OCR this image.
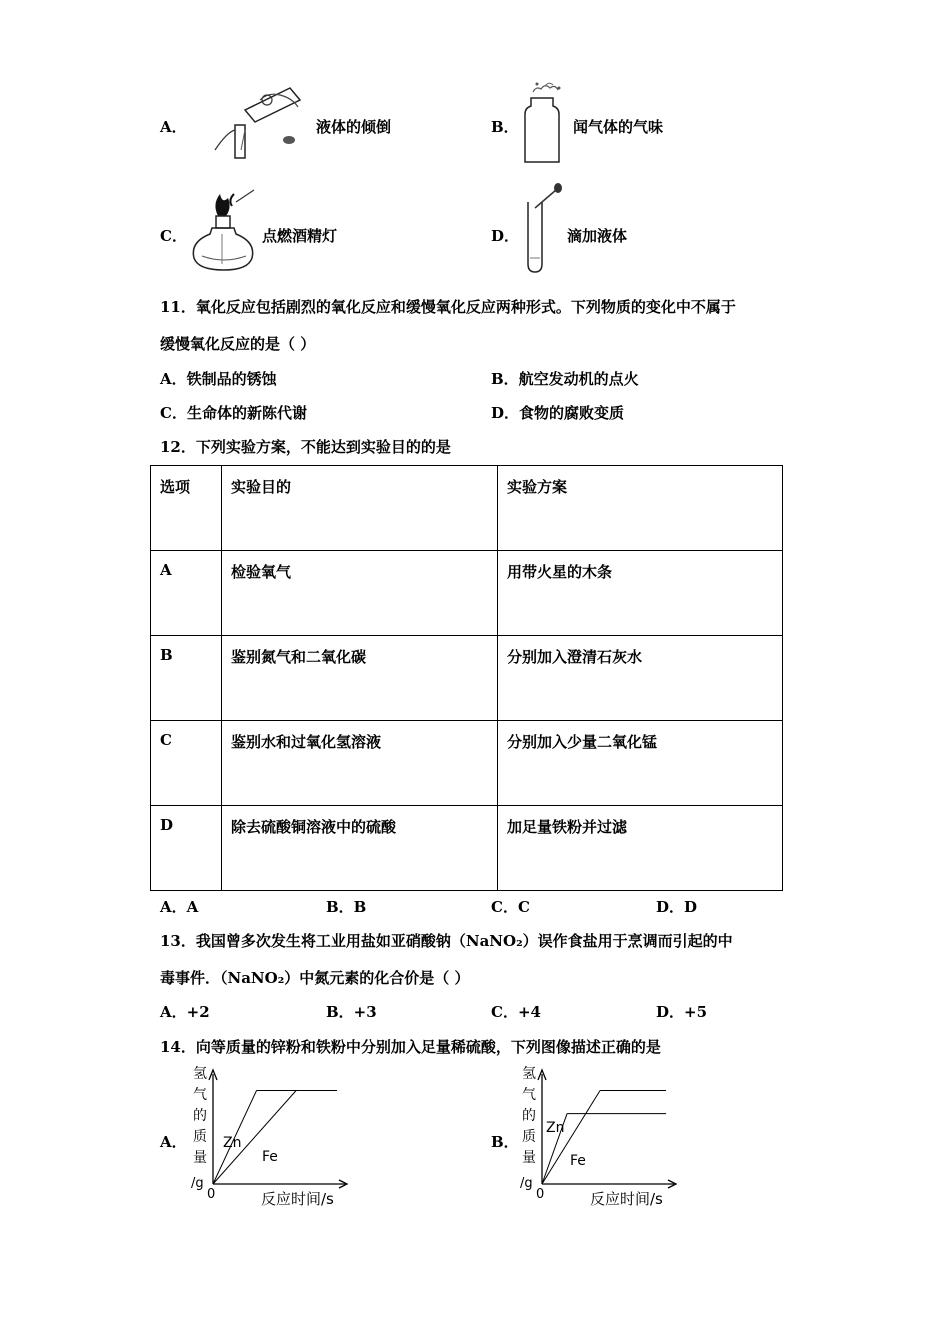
A．	液体的倾倒	B．	闻气体的气味
C．	点燃酒精灯	D．	滴加液体
11．氧化反应包括剧烈的氧化反应和缓慢氧化反应两种形式。下列物质的变化中不属于
缓慢氧化反应的是（ ）
A．铁制品的锈蚀	B．航空发动机的点火
C．生命体的新陈代谢	D．食物的腐败变质
12．下列实验方案，不能达到实验目的的是
选项	实验目的	实验方案
A	检验氧气	用带火星的木条
B	鉴别氮气和二氧化碳	分别加入澄清石灰水
C	鉴别水和过氧化氢溶液	分别加入少量二氧化锰
D	除去硫酸铜溶液中的硫酸	加足量铁粉并过滤
A．A	B．B	C．C	D．D
13．我国曾多次发生将工业用盐如亚硝酸钠（NaNO₂）误作食盐用于烹调而引起的中
毒事件．（NaNO₂）中氮元素的化合价是（ ）
A．+2	B．+3	C．+4	D．+5
14．向等质量的锌粉和铁粉中分别加入足量稀硫酸，下列图像描述正确的是
A．
氢
气
的
质
量
/g
0	反应时间/s
Zn
Fe
B．
氢
气
的
质
量
/g
0	反应时间/s
Zn
Fe
